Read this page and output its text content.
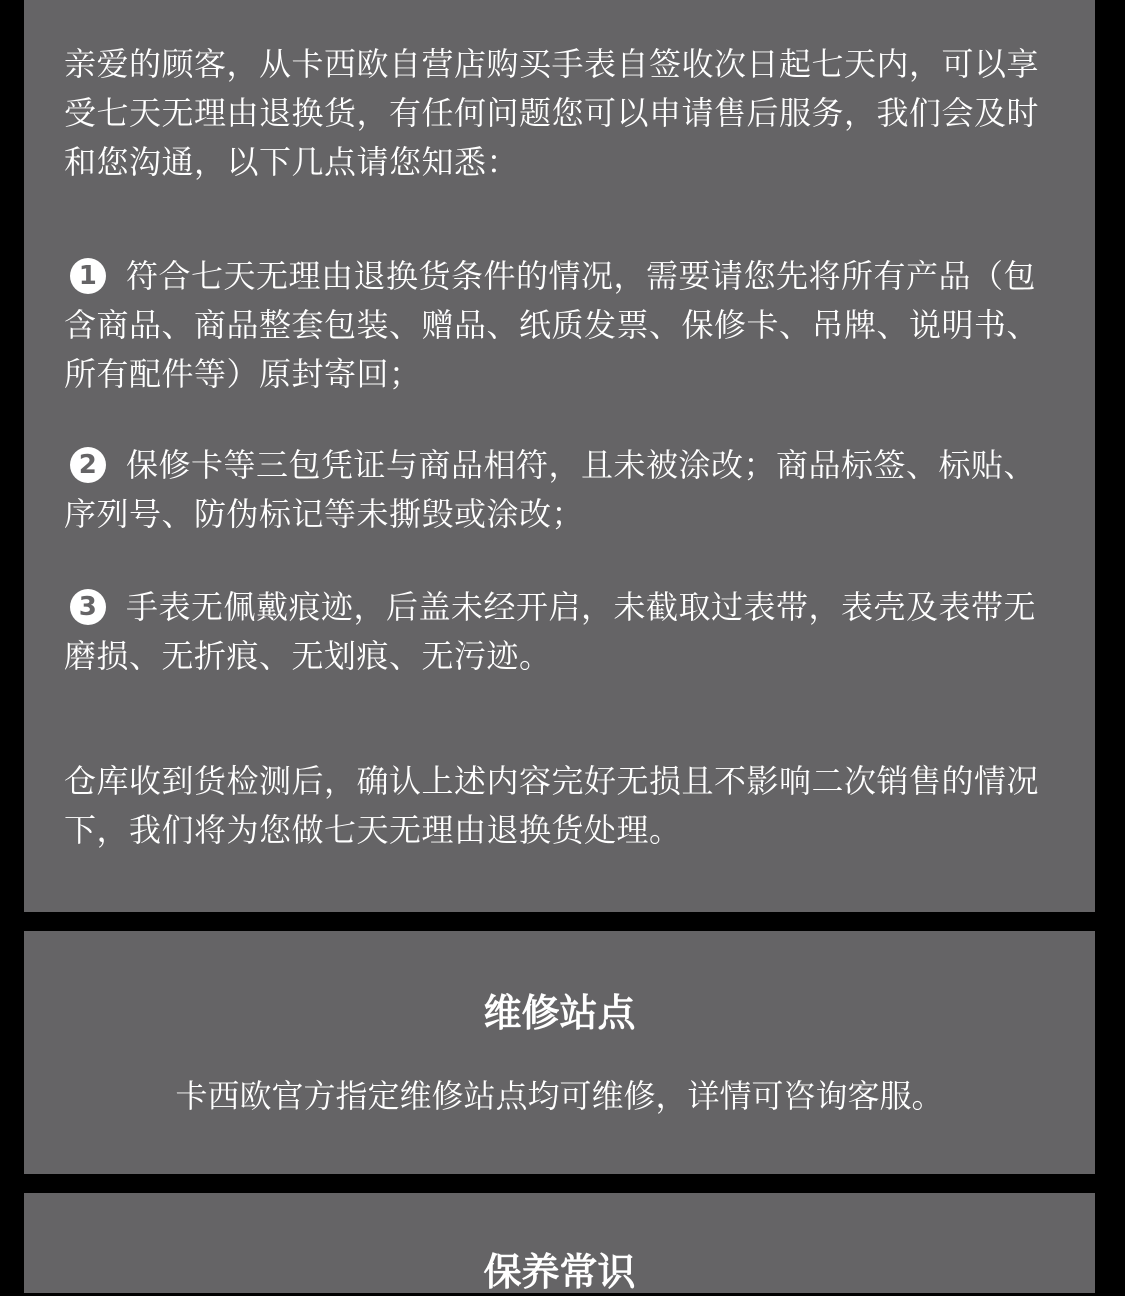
亲爱的顾客，从卡西欧自营店购买手表自签收次日起七天内，可以享受七天无理由退换货，有任何问题您可以申请售后服务，我们会及时和您沟通，以下几点请您知悉：

1 符合七天无理由退换货条件的情况，需要请您先将所有产品（包含商品、商品整套包装、赠品、纸质发票、保修卡、吊牌、说明书、所有配件等）原封寄回；

2 保修卡等三包凭证与商品相符，且未被涂改；商品标签、标贴、序列号、防伪标记等未撕毁或涂改；

3 手表无佩戴痕迹，后盖未经开启，未截取过表带，表壳及表带无磨损、无折痕、无划痕、无污迹。

仓库收到货检测后，确认上述内容完好无损且不影响二次销售的情况下，我们将为您做七天无理由退换货处理。

维修站点

卡西欧官方指定维修站点均可维修，详情可咨询客服。

保养常识
